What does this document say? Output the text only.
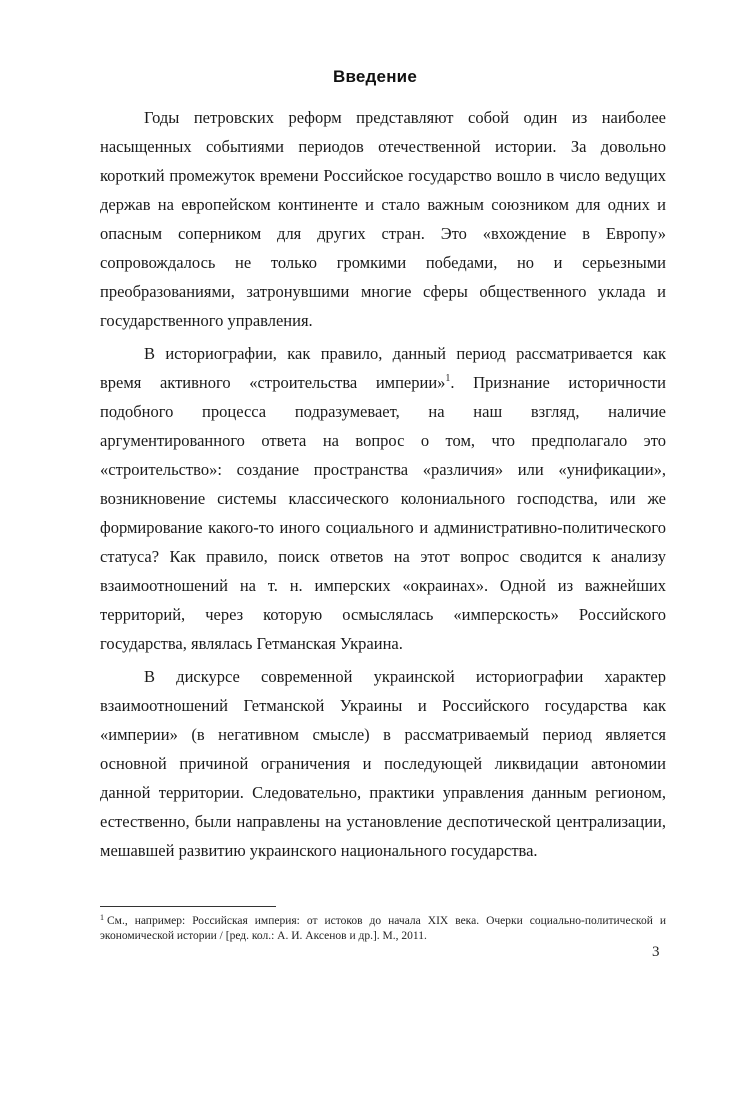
Введение

Годы петровских реформ представляют собой один из наиболее насыщенных событиями периодов отечественной истории. За довольно короткий промежуток времени Российское государство вошло в число ведущих держав на европейском континенте и стало важным союзником для одних и опасным соперником для других стран. Это «вхождение в Европу» сопровождалось не только громкими победами, но и серьезными преобразованиями, затронувшими многие сферы общественного уклада и государственного управления.

В историографии, как правило, данный период рассматривается как время активного «строительства империи»$^1$. Признание историчности подобного процесса подразумевает, на наш взгляд, наличие аргументированного ответа на вопрос о том, что предполагало это «строительство»: создание пространства «различия» или «унификации», возникновение системы классического колониального господства, или же формирование какого-то иного социального и административно-политического статуса? Как правило, поиск ответов на этот вопрос сводится к анализу взаимоотношений на т. н. имперских «окраинах». Одной из важнейших территорий, через которую осмыслялась «имперскость» Российского государства, являлась Гетманская Украина.

В дискурсе современной украинской историографии характер взаимоотношений Гетманской Украины и Российского государства как «империи» (в негативном смысле) в рассматриваемый период является основной причиной ограничения и последующей ликвидации автономии данной территории. Следовательно, практики управления данным регионом, естественно, были направлены на установление деспотической централизации, мешавшей развитию украинского национального государства.

$^1$ См., например: Российская империя: от истоков до начала XIX века. Очерки социально-политической и экономической истории / [ред. кол.: А. И. Аксенов и др.]. М., 2011.
3
